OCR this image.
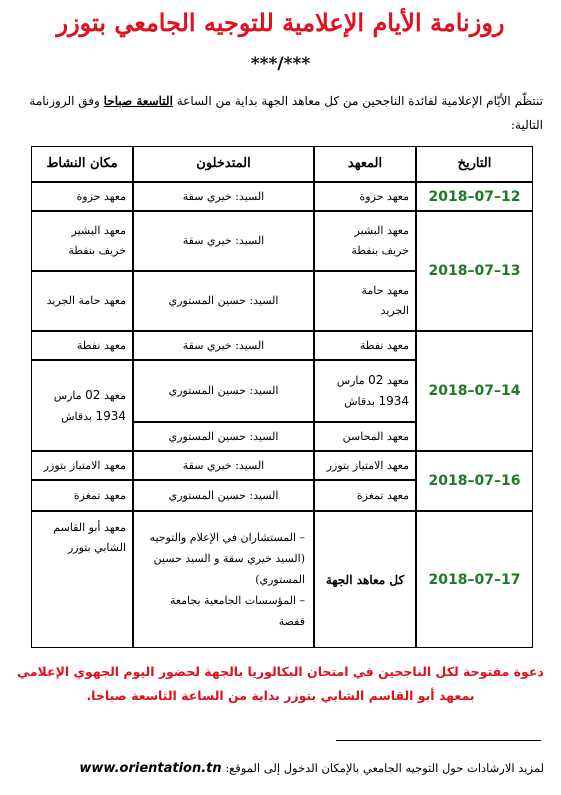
روزنامة الأيام الإعلامية للتوجيه الجامعي بتوزر
***/***
تنتظّم الأيّام الإعلامية لفائدة الناجحين من كل معاهد الجهة بداية من الساعة التاسعة صباحا وفق الروزنامة
التالية:
التاريخ
المعهد
المتدخلون
مكان النشاط
2018–07–12
2018–07–13
2018–07–14
2018–07–16
2018–07–17
معهد حزوة
السيد: خيري سقة
معهد حزوة
معهد البشير
خريف بنفطة
السيد: خيري سقة
معهد البشير
خريف بنفطة
معهد حامة
الجريد
السيد: حسين المستوري
معهد حامة الجريد
معهد نفطة
السيد: خيري سقة
معهد نفطة
معهد 02 مارس
1934 بدقاش
السيد: حسين المستوري
معهد 02 مارس
1934 بدقاش
معهد المحاسن
السيد: حسين المستوري
معهد الامتياز بتوزر
السيد: خيري سقة
معهد الامتياز بتوزر
معهد تمغزة
السيد: حسين المستوري
معهد تمغزة
كل معاهد الجهة
– المستشاران في الإعلام والتوجيه
(السيد خيري سقة و السيد حسين
المستوري)
– المؤسسات الجامعية بجامعة
قفصة
معهد أبو القاسم
الشابي بتوزر
دعوة مفتوحة لكل الناجحين في امتحان البكالوريا بالجهة لحضور اليوم الجهوي الإعلامي
بمعهد أبو القاسم الشابي بتوزر بداية من الساعة التاسعة صباحا.
لمزيد الارشادات حول التوجيه الجامعي بالإمكان الدخول إلى الموقع: www.orientation.tn
